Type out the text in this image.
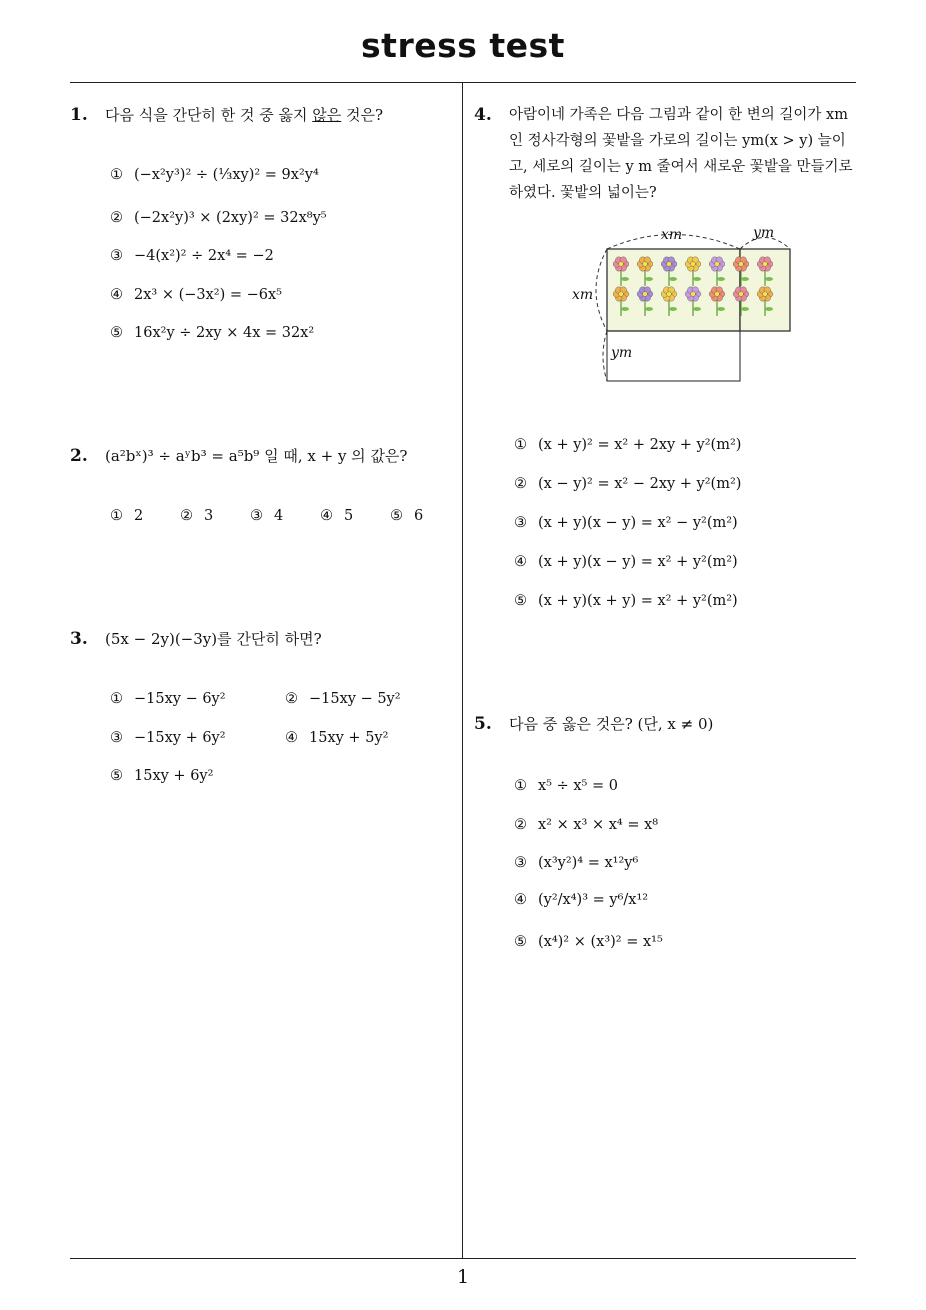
stress test
1
1. 다음 식을 간단히 한 것 중 옳지 않은 것은?
① (−x²y³)² ÷ (⅓xy)² = 9x²y⁴
② (−2x²y)³ × (2xy)² = 32x⁸y⁵
③ −4(x²)² ÷ 2x⁴ = −2
④ 2x³ × (−3x²) = −6x⁵
⑤ 16x²y ÷ 2xy × 4x = 32x²
2. (a²bˣ)³ ÷ aʸb³ = a⁵b⁹ 일 때, x + y 의 값은?
① 2	② 3	③ 4	④ 5	⑤ 6
3. (5x − 2y)(−3y)를 간단히 하면?
① −15xy − 6y²	② −15xy − 5y²
③ −15xy + 6y²	④ 15xy + 5y²
⑤ 15xy + 6y²
4. 아람이네 가족은 다음 그림과 같이 한 변의 길이가 xm
인 정사각형의 꽃밭을 가로의 길이는 ym(x > y) 늘이
고, 세로의 길이는 y m 줄여서 새로운 꽃밭을 만들기로
하였다. 꽃밭의 넓이는?
xm	ym
xm
ym
① (x + y)² = x² + 2xy + y²(m²)
② (x − y)² = x² − 2xy + y²(m²)
③ (x + y)(x − y) = x² − y²(m²)
④ (x + y)(x − y) = x² + y²(m²)
⑤ (x + y)(x + y) = x² + y²(m²)
5. 다음 중 옳은 것은? (단, x ≠ 0)
① x⁵ ÷ x⁵ = 0
② x² × x³ × x⁴ = x⁸
③ (x³y²)⁴ = x¹²y⁶
④ (y²/x⁴)³ = y⁶/x¹²
⑤ (x⁴)² × (x³)² = x¹⁵
